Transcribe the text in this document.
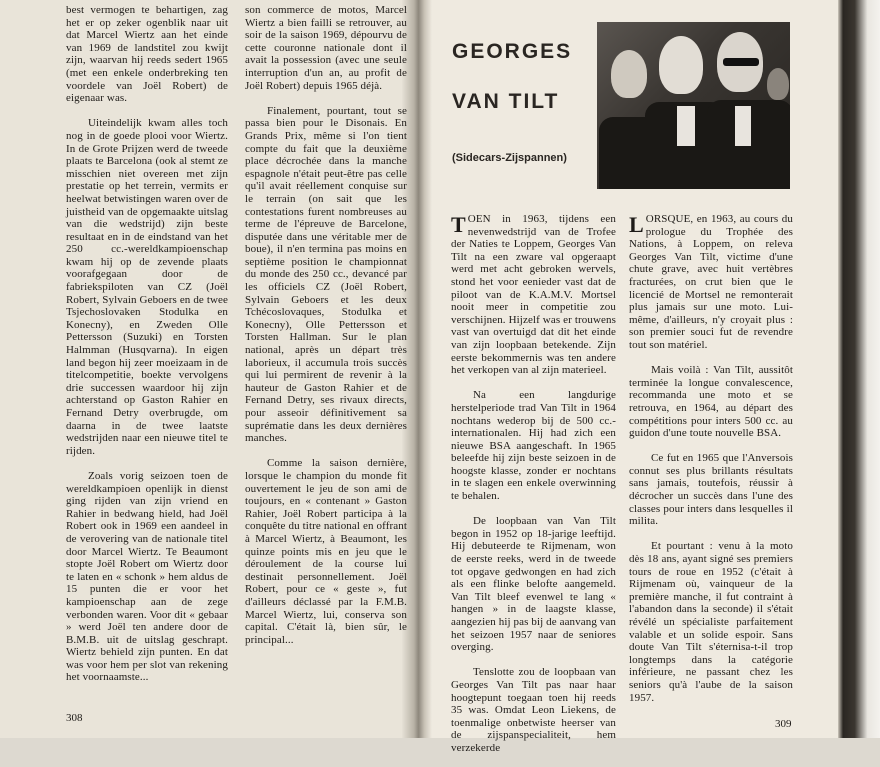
best vermogen te behartigen, zag het er op zeker ogenblik naar uit dat Marcel Wiertz aan het einde van 1969 de landstitel zou kwijt zijn, waarvan hij reeds sedert 1965 (met een enkele onderbreking ten voordele van Joël Robert) de eigenaar was.

Uiteindelijk kwam alles toch nog in de goede plooi voor Wiertz. In de Grote Prijzen werd de tweede plaats te Barcelona (ook al stemt ze misschien niet overeen met zijn prestatie op het terrein, vermits er heelwat betwistingen waren over de juistheid van de opgemaakte uitslag van die wedstrijd) zijn beste resultaat en in de eindstand van het 250 cc.-wereldkampioenschap kwam hij op de zevende plaats voorafgegaan door de fabriekspiloten van CZ (Joël Robert, Sylvain Geboers en de twee Tsjechoslovaken Stodulka en Konecny), en Zweden Olle Pettersson (Suzuki) en Torsten Halmman (Husqvarna). In eigen land begon hij zeer moeizaam in de titelcompetitie, boekte vervolgens drie successen waardoor hij zijn achterstand op Gaston Rahier en Fernand Detry overbrugde, om daarna in de twee laatste wedstrijden naar een nieuwe titel te rijden.

Zoals vorig seizoen toen de wereldkampioen openlijk in dienst ging rijden van zijn vriend en Rahier in bedwang hield, had Joël Robert ook in 1969 een aandeel in de verovering van de nationale titel door Marcel Wiertz. Te Beaumont stopte Joël Robert om Wiertz door te laten en « schonk » hem aldus de 15 punten die er voor het kampioenschap aan de zege verbonden waren. Voor dit « gebaar » werd Joël ten andere door de B.M.B. uit de uitslag geschrapt. Wiertz behield zijn punten. En dat was voor hem per slot van rekening het voornaamste...

son commerce de motos, Marcel Wiertz a bien failli se retrouver, au soir de la saison 1969, dépourvu de cette couronne nationale dont il avait la possession (avec une seule interruption d'un an, au profit de Joël Robert) depuis 1965 déjà.

Finalement, pourtant, tout se passa bien pour le Disonais. En Grands Prix, même si l'on tient compte du fait que la deuxième place décrochée dans la manche espagnole n'était peut-être pas celle qu'il avait réellement conquise sur le terrain (on sait que les contestations furent nombreuses au terme de l'épreuve de Barcelone, disputée dans une véritable mer de boue), il n'en termina pas moins en septième position le championnat du monde des 250 cc., devancé par les officiels CZ (Joël Robert, Sylvain Geboers et les deux Tchécoslovaques, Stodulka et Konecny), Olle Pettersson et Torsten Hallman. Sur le plan national, après un départ très laborieux, il accumula trois succès qui lui permirent de revenir à la hauteur de Gaston Rahier et de Fernand Detry, ses rivaux directs, pour asseoir définitivement sa suprématie dans les deux dernières manches.

Comme la saison dernière, lorsque le champion du monde fit ouvertement le jeu de son ami de toujours, en « contenant » Gaston Rahier, Joël Robert participa à la conquête du titre national en offrant à Marcel Wiertz, à Beaumont, les quinze points mis en jeu que le déroulement de la course lui destinait personnellement. Joël Robert, pour ce « geste », fut d'ailleurs déclassé par la F.M.B. Marcel Wiertz, lui, conserva son capital. C'était là, bien sûr, le principal...

GEORGES

VAN TILT

(Sidecars-Zijspannen)

TOEN in 1963, tijdens een nevenwedstrijd van de Trofee der Naties te Loppem, Georges Van Tilt na een zware val opgeraapt werd met acht gebroken wervels, stond het voor eenieder vast dat de piloot van de K.A.M.V. Mortsel nooit meer in competitie zou verschijnen. Hijzelf was er trouwens vast van overtuigd dat dit het einde van zijn loopbaan betekende. Zijn eerste bekommernis was ten andere het verkopen van al zijn materieel.

Na een langdurige herstelperiode trad Van Tilt in 1964 nochtans wederop bij de 500 cc.-internationalen. Hij had zich een nieuwe BSA aangeschaft. In 1965 beleefde hij zijn beste seizoen in de hoogste klasse, zonder er nochtans in te slagen een enkele overwinning te behalen.

De loopbaan van Van Tilt begon in 1952 op 18-jarige leeftijd. Hij debuteerde te Rijmenam, won de eerste reeks, werd in de tweede tot opgave gedwongen en had zich als een flinke belofte aangemeld. Van Tilt bleef evenwel te lang « hangen » in de laagste klasse, aangezien hij pas bij de aanvang van het seizoen 1957 naar de seniores overging.

Tenslotte zou de loopbaan van Georges Van Tilt pas naar haar hoogtepunt toegaan toen hij reeds 35 was. Omdat Leon Liekens, de toenmalige onbetwiste heerser van de zijspanspecialiteit, hem verzekerde

LORSQUE, en 1963, au cours du prologue du Trophée des Nations, à Loppem, on releva Georges Van Tilt, victime d'une chute grave, avec huit vertèbres fracturées, on crut bien que le licencié de Mortsel ne remonterait plus jamais sur une moto. Lui-même, d'ailleurs, n'y croyait plus : son premier souci fut de revendre tout son matériel.

Mais voilà : Van Tilt, aussitôt terminée la longue convalescence, recommanda une moto et se retrouva, en 1964, au départ des compétitions pour inters 500 cc. au guidon d'une toute nouvelle BSA.

Ce fut en 1965 que l'Anversois connut ses plus brillants résultats sans jamais, toutefois, réussir à décrocher un succès dans l'une des classes pour inters dans lesquelles il milita.

Et pourtant : venu à la moto dès 18 ans, ayant signé ses premiers tours de roue en 1952 (c'était à Rijmenam où, vainqueur de la première manche, il fut contraint à l'abandon dans la seconde) il s'était révélé un spécialiste parfaitement valable et un solide espoir. Sans doute Van Tilt s'éternisa-t-il trop longtemps dans la catégorie inférieure, ne passant chez les seniors qu'à l'aube de la saison 1957.

308	309
